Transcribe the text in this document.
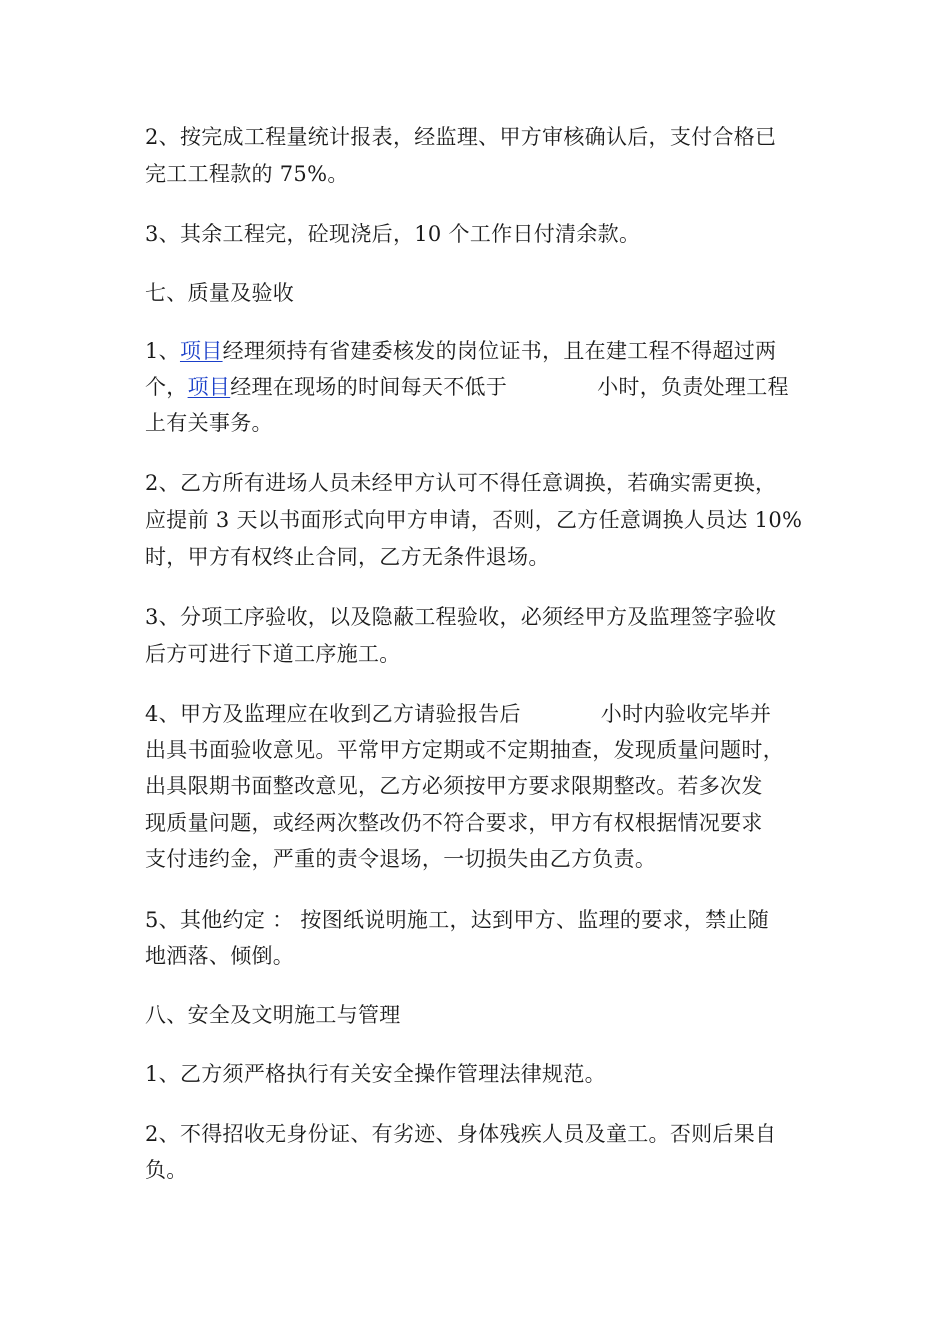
2、按完成工程量统计报表，经监理、甲方审核确认后，支付合格已
完工工程款的 75%。
3、其余工程完，砼现浇后，10 个工作日付清余款。
七、质量及验收
1、项目经理须持有省建委核发的岗位证书，且在建工程不得超过两
个，项目经理在现场的时间每天不低于	小时，负责处理工程
上有关事务。
2、乙方所有进场人员未经甲方认可不得任意调换，若确实需更换，
应提前 3 天以书面形式向甲方申请，否则，乙方任意调换人员达 10%
时，甲方有权终止合同，乙方无条件退场。
3、分项工序验收，以及隐蔽工程验收，必须经甲方及监理签字验收
后方可进行下道工序施工。
4、甲方及监理应在收到乙方请验报告后	小时内验收完毕并
出具书面验收意见。平常甲方定期或不定期抽查，发现质量问题时，
出具限期书面整改意见，乙方必须按甲方要求限期整改。若多次发
现质量问题，或经两次整改仍不符合要求，甲方有权根据情况要求
支付违约金，严重的责令退场，一切损失由乙方负责。
5、其他约定 ： 按图纸说明施工，达到甲方、监理的要求，禁止随
地洒落、倾倒。
八、安全及文明施工与管理
1、乙方须严格执行有关安全操作管理法律规范。
2、不得招收无身份证、有劣迹、身体残疾人员及童工。否则后果自
负。
